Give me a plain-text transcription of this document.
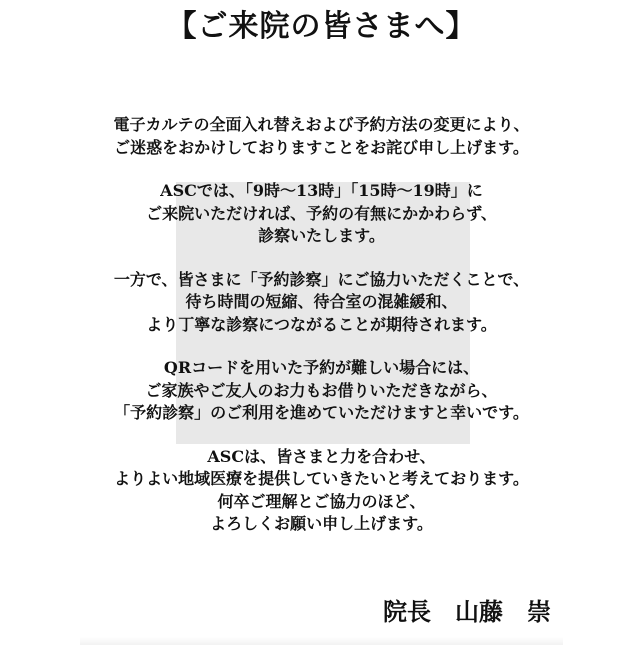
【ご来院の皆さまへ】
電子カルテの全面入れ替えおよび予約方法の変更により、
ご迷惑をおかけしておりますことをお詫び申し上げます。
ASCでは、「9時～13時」「15時～19時」に
ご来院いただければ、予約の有無にかかわらず、
診察いたします。
一方で、皆さまに「予約診察」にご協力いただくことで、
待ち時間の短縮、待合室の混雑緩和、
より丁寧な診察につながることが期待されます。
QRコードを用いた予約が難しい場合には、
ご家族やご友人のお力もお借りいただきながら、
「予約診察」のご利用を進めていただけますと幸いです。
ASCは、皆さまと力を合わせ、
よりよい地域医療を提供していきたいと考えております。
何卒ご理解とご協力のほど、
よろしくお願い申し上げます。
院長　山藤　崇
